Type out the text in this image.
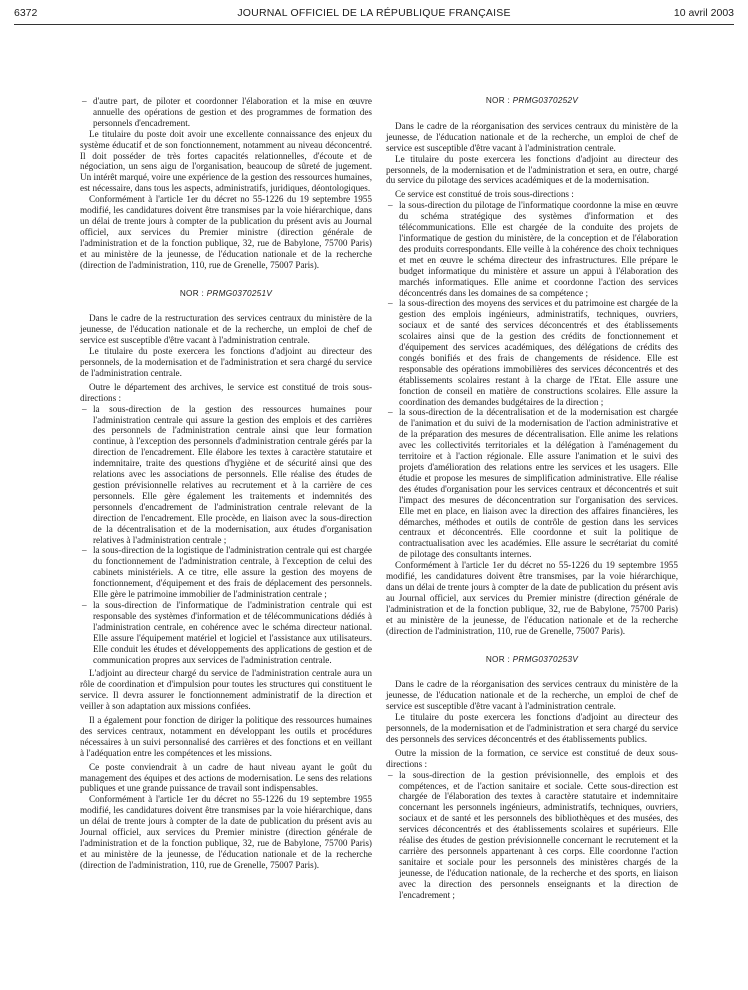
6372	JOURNAL OFFICIEL DE LA RÉPUBLIQUE FRANÇAISE	10 avril 2003

– d'autre part, de piloter et coordonner l'élaboration et la mise en œuvre annuelle des opérations de gestion et des programmes de formation des personnels d'encadrement.

Le titulaire du poste doit avoir une excellente connaissance des enjeux du système éducatif et de son fonctionnement, notamment au niveau déconcentré. Il doit posséder de très fortes capacités relationnelles, d'écoute et de négociation, un sens aigu de l'organisation, beaucoup de sûreté de jugement. Un intérêt marqué, voire une expérience de la gestion des ressources humaines, est nécessaire, dans tous les aspects, administratifs, juridiques, déontologiques.

Conformément à l'article 1er du décret no 55-1226 du 19 septembre 1955 modifié, les candidatures doivent être transmises par la voie hiérarchique, dans un délai de trente jours à compter de la publication du présent avis au Journal officiel, aux services du Premier ministre (direction générale de l'administration et de la fonction publique, 32, rue de Babylone, 75700 Paris) et au ministère de la jeunesse, de l'éducation nationale et de la recherche (direction de l'administration, 110, rue de Grenelle, 75007 Paris).

NOR : PRMG0370251V

Dans le cadre de la restructuration des services centraux du ministère de la jeunesse, de l'éducation nationale et de la recherche, un emploi de chef de service est susceptible d'être vacant à l'administration centrale.

Le titulaire du poste exercera les fonctions d'adjoint au directeur des personnels, de la modernisation et de l'administration et sera chargé du service de l'administration centrale.

Outre le département des archives, le service est constitué de trois sous-directions :

– la sous-direction de la gestion des ressources humaines pour l'administration centrale qui assure la gestion des emplois et des carrières des personnels de l'administration centrale ainsi que leur formation continue, à l'exception des personnels d'administration centrale gérés par la direction de l'encadrement. Elle élabore les textes à caractère statutaire et indemnitaire, traite des questions d'hygiène et de sécurité ainsi que des relations avec les associations de personnels. Elle réalise des études de gestion prévisionnelle relatives au recrutement et à la carrière de ces personnels. Elle gère également les traitements et indemnités des personnels d'encadrement de l'administration centrale relevant de la direction de l'encadrement. Elle procède, en liaison avec la sous-direction de la décentralisation et de la modernisation, aux études d'organisation relatives à l'administration centrale ;

– la sous-direction de la logistique de l'administration centrale qui est chargée du fonctionnement de l'administration centrale, à l'exception de celui des cabinets ministériels. A ce titre, elle assure la gestion des moyens de fonctionnement, d'équipement et des frais de déplacement des personnels. Elle gère le patrimoine immobilier de l'administration centrale ;

– la sous-direction de l'informatique de l'administration centrale qui est responsable des systèmes d'information et de télécommunications dédiés à l'administration centrale, en cohérence avec le schéma directeur national. Elle assure l'équipement matériel et logiciel et l'assistance aux utilisateurs. Elle conduit les études et développements des applications de gestion et de communication propres aux services de l'administration centrale.

L'adjoint au directeur chargé du service de l'administration centrale aura un rôle de coordination et d'impulsion pour toutes les structures qui constituent le service. Il devra assurer le fonctionnement administratif de la direction et veiller à son adaptation aux missions confiées.

Il a également pour fonction de diriger la politique des ressources humaines des services centraux, notamment en développant les outils et procédures nécessaires à un suivi personnalisé des carrières et des fonctions et en veillant à l'adéquation entre les compétences et les missions.

Ce poste conviendrait à un cadre de haut niveau ayant le goût du management des équipes et des actions de modernisation. Le sens des relations publiques et une grande puissance de travail sont indispensables.

Conformément à l'article 1er du décret no 55-1226 du 19 septembre 1955 modifié, les candidatures doivent être transmises par la voie hiérarchique, dans un délai de trente jours à compter de la date de publication du présent avis au Journal officiel, aux services du Premier ministre (direction générale de l'administration et de la fonction publique, 32, rue de Babylone, 75700 Paris) et au ministère de la jeunesse, de l'éducation nationale et de la recherche (direction de l'administration, 110, rue de Grenelle, 75007 Paris).

NOR : PRMG0370252V

Dans le cadre de la réorganisation des services centraux du ministère de la jeunesse, de l'éducation nationale et de la recherche, un emploi de chef de service est susceptible d'être vacant à l'administration centrale.

Le titulaire du poste exercera les fonctions d'adjoint au directeur des personnels, de la modernisation et de l'administration et sera, en outre, chargé du service du pilotage des services académiques et de la modernisation.

Ce service est constitué de trois sous-directions :

– la sous-direction du pilotage de l'informatique coordonne la mise en œuvre du schéma stratégique des systèmes d'information et des télécommunications. Elle est chargée de la conduite des projets de l'informatique de gestion du ministère, de la conception et de l'élaboration des produits correspondants. Elle veille à la cohérence des choix techniques et met en œuvre le schéma directeur des infrastructures. Elle prépare le budget informatique du ministère et assure un appui à l'élaboration des marchés informatiques. Elle anime et coordonne l'action des services déconcentrés dans les domaines de sa compétence ;

– la sous-direction des moyens des services et du patrimoine est chargée de la gestion des emplois ingénieurs, administratifs, techniques, ouvriers, sociaux et de santé des services déconcentrés et des établissements scolaires ainsi que de la gestion des crédits de fonctionnement et d'équipement des services académiques, des délégations de crédits des congés bonifiés et des frais de changements de résidence. Elle est responsable des opérations immobilières des services déconcentrés et des établissements scolaires restant à la charge de l'Etat. Elle assure une fonction de conseil en matière de constructions scolaires. Elle assure la coordination des demandes budgétaires de la direction ;

– la sous-direction de la décentralisation et de la modernisation est chargée de l'animation et du suivi de la modernisation de l'action administrative et de la préparation des mesures de décentralisation. Elle anime les relations avec les collectivités territoriales et la délégation à l'aménagement du territoire et à l'action régionale. Elle assure l'animation et le suivi des projets d'amélioration des relations entre les services et les usagers. Elle étudie et propose les mesures de simplification administrative. Elle réalise des études d'organisation pour les services centraux et déconcentrés et suit l'impact des mesures de déconcentration sur l'organisation des services. Elle met en place, en liaison avec la direction des affaires financières, les démarches, méthodes et outils de contrôle de gestion dans les services centraux et déconcentrés. Elle coordonne et suit la politique de contractualisation avec les académies. Elle assure le secrétariat du comité de pilotage des consultants internes.

Conformément à l'article 1er du décret no 55-1226 du 19 septembre 1955 modifié, les candidatures doivent être transmises, par la voie hiérarchique, dans un délai de trente jours à compter de la date de publication du présent avis au Journal officiel, aux services du Premier ministre (direction générale de l'administration et de la fonction publique, 32, rue de Babylone, 75700 Paris) et au ministère de la jeunesse, de l'éducation nationale et de la recherche (direction de l'administration, 110, rue de Grenelle, 75007 Paris).

NOR : PRMG0370253V

Dans le cadre de la réorganisation des services centraux du ministère de la jeunesse, de l'éducation nationale et de la recherche, un emploi de chef de service est susceptible d'être vacant à l'administration centrale.

Le titulaire du poste exercera les fonctions d'adjoint au directeur des personnels, de la modernisation et de l'administration et sera chargé du service des personnels des services déconcentrés et des établissements publics.

Outre la mission de la formation, ce service est constitué de deux sous-directions :

– la sous-direction de la gestion prévisionnelle, des emplois et des compétences, et de l'action sanitaire et sociale. Cette sous-direction est chargée de l'élaboration des textes à caractère statutaire et indemnitaire concernant les personnels ingénieurs, administratifs, techniques, ouvriers, sociaux et de santé et les personnels des bibliothèques et des musées, des services déconcentrés et des établissements scolaires et supérieurs. Elle réalise des études de gestion prévisionnelle concernant le recrutement et la carrière des personnels appartenant à ces corps. Elle coordonne l'action sanitaire et sociale pour les personnels des ministères chargés de la jeunesse, de l'éducation nationale, de la recherche et des sports, en liaison avec la direction des personnels enseignants et la direction de l'encadrement ;
